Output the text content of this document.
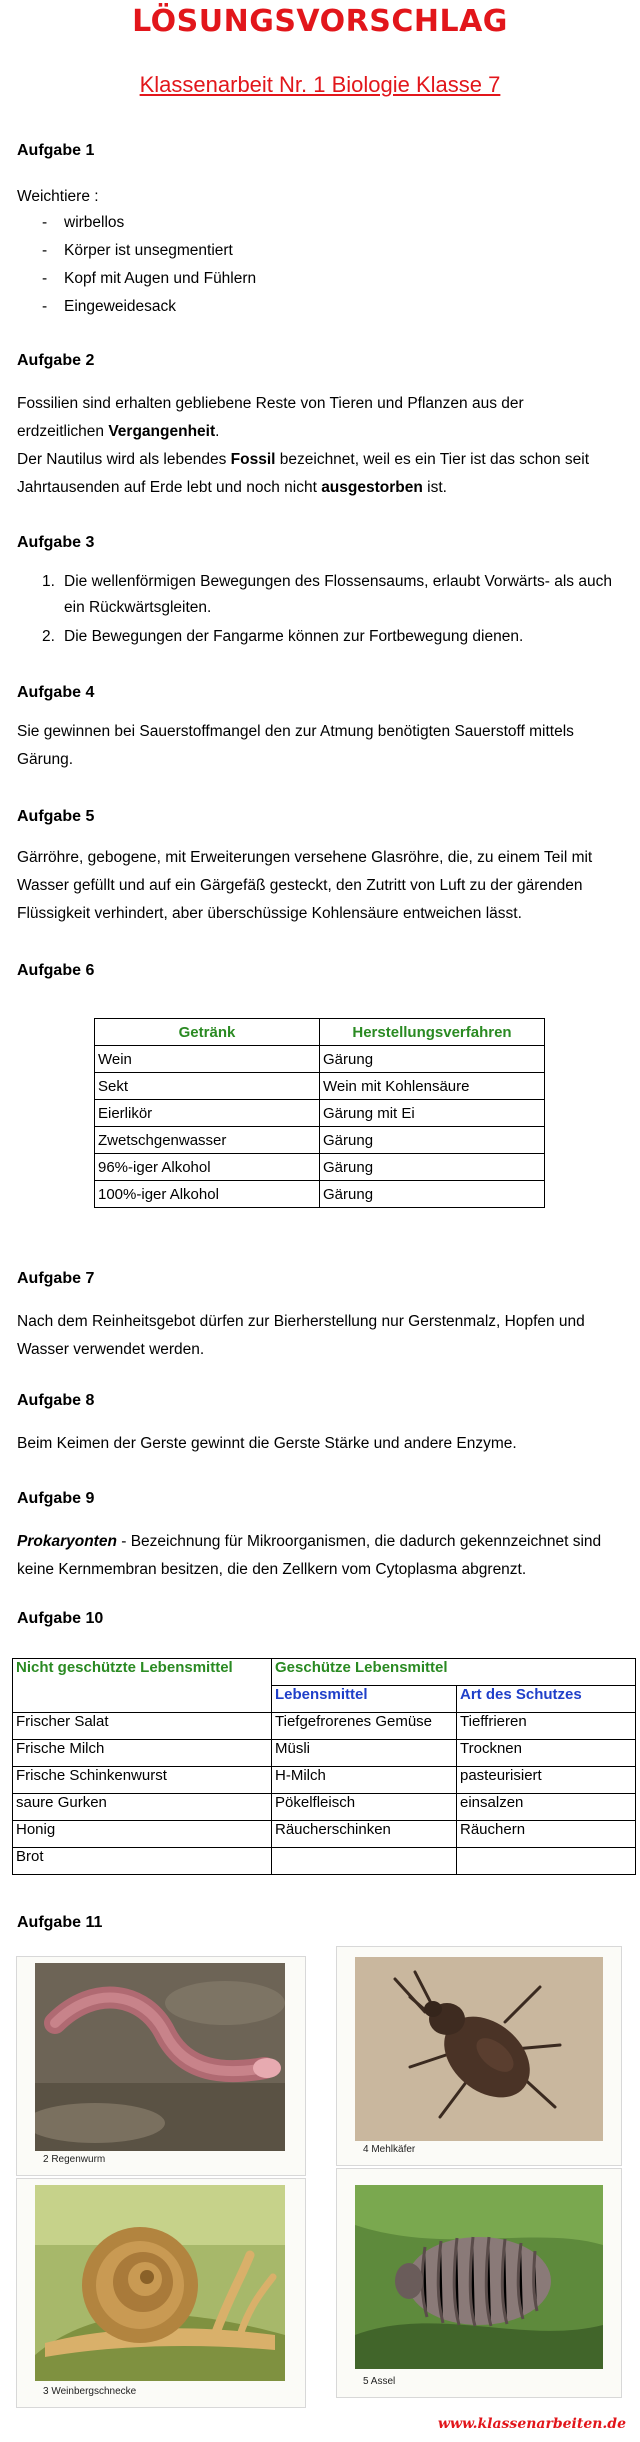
LÖSUNGSVORSCHLAG
Klassenarbeit Nr. 1 Biologie Klasse 7
Aufgabe 1
Weichtiere :
- wirbellos
- Körper ist unsegmentiert
- Kopf mit Augen und Fühlern
- Eingeweidesack
Aufgabe 2
Fossilien sind erhalten gebliebene Reste von Tieren und Pflanzen aus der
erdzeitlichen Vergangenheit.
Der Nautilus wird als lebendes Fossil bezeichnet, weil es ein Tier ist das schon seit
Jahrtausenden auf Erde lebt und noch nicht ausgestorben ist.
Aufgabe 3
1. Die wellenförmigen Bewegungen des Flossensaums, erlaubt Vorwärts- als auch ein Rückwärtsgleiten.
2. Die Bewegungen der Fangarme können zur Fortbewegung dienen.
Aufgabe 4
Sie gewinnen bei Sauerstoffmangel den zur Atmung benötigten Sauerstoff mittels Gärung.
Aufgabe 5
Gärröhre, gebogene, mit Erweiterungen versehene Glasröhre, die, zu einem Teil mit Wasser gefüllt und auf ein Gärgefäß gesteckt, den Zutritt von Luft zu der gärenden Flüssigkeit verhindert, aber überschüssige Kohlensäure entweichen lässt.
Aufgabe 6
Getränk	Herstellungsverfahren
Wein	Gärung
Sekt	Wein mit Kohlensäure
Eierlikör	Gärung mit Ei
Zwetschgenwasser	Gärung
96%-iger Alkohol	Gärung
100%-iger Alkohol	Gärung
Aufgabe 7
Nach dem Reinheitsgebot dürfen zur Bierherstellung nur Gerstenmalz, Hopfen und Wasser verwendet werden.
Aufgabe 8
Beim Keimen der Gerste gewinnt die Gerste Stärke und andere Enzyme.
Aufgabe 9
Prokaryonten - Bezeichnung für Mikroorganismen, die dadurch gekennzeichnet sind keine Kernmembran besitzen, die den Zellkern vom Cytoplasma abgrenzt.
Aufgabe 10
Nicht geschützte Lebensmittel	Geschütze Lebensmittel	
	Lebensmittel	Art des Schutzes
Frischer Salat	Tiefgefrorenes Gemüse	Tieffrieren
Frische Milch	Müsli	Trocknen
Frische Schinkenwurst	H-Milch	pasteurisiert
saure Gurken	Pökelfleisch	einsalzen
Honig	Räucherschinken	Räuchern
Brot		
Aufgabe 11
2 Regenwurm
4 Mehlkäfer
3 Weinbergschnecke
5 Assel
www.klassenarbeiten.de
